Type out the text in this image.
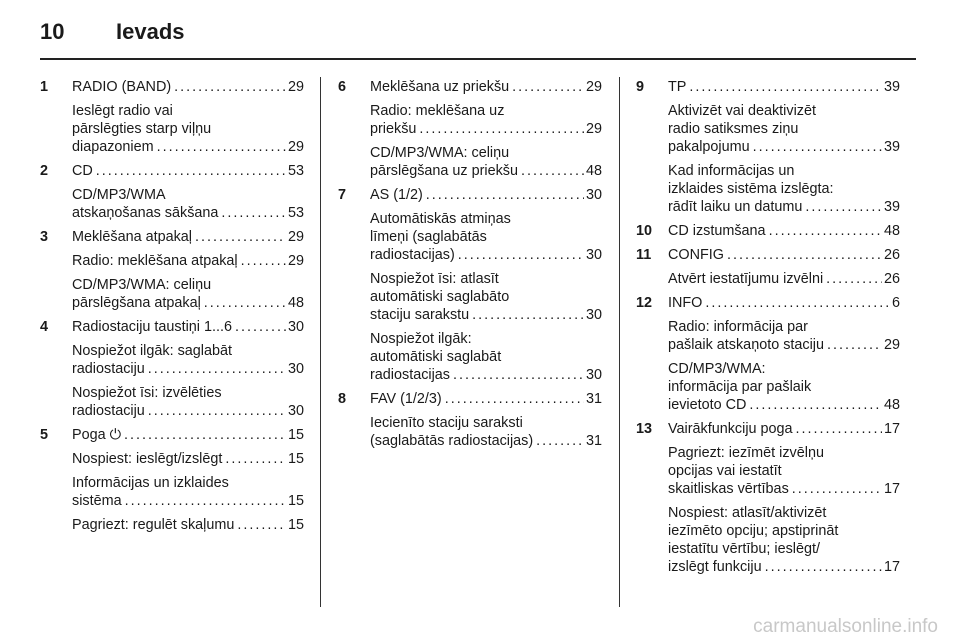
10 Ievads
1 RADIO (BAND)	29
. . .
Ieslēgt radio vai
pārslēgties starp viļņu
diapazoniem	29
. . .
2 CD	53
. . .
CD/MP3/WMA
atskaņošanas sākšana	53
. . .
3 Meklēšana atpakaļ	29
. . .
Radio: meklēšana atpakaļ	29
. . .
CD/MP3/WMA: celiņu
pārslēgšana atpakaļ	48
. . .
4 Radiostaciju taustiņi 1...6	30
. . .
Nospiežot ilgāk: saglabāt
radiostaciju	30
. . .
Nospiežot īsi: izvēlēties
radiostaciju	30
. . .
5 Poga ⏻	15
. . .
Nospiest: ieslēgt/izslēgt	15
. . .
Informācijas un izklaides
sistēma	15
. . .
Pagriezt: regulēt skaļumu	15
. . .
6 Meklēšana uz priekšu	29
. . .
Radio: meklēšana uz
priekšu	29
. . .
CD/MP3/WMA: celiņu
pārslēgšana uz priekšu	48
. . .
7 AS (1/2)	30
. . .
Automātiskās atmiņas
līmeņi (saglabātās
radiostacijas)	30
. . .
Nospiežot īsi: atlasīt
automātiski saglabāto
staciju sarakstu	30
. . .
Nospiežot ilgāk:
automātiski saglabāt
radiostacijas	30
. . .
8 FAV (1/2/3)	31
. . .
Iecienīto staciju saraksti
(saglabātās radiostacijas)	31
. . .
9 TP	39
. . .
Aktivizēt vai deaktivizēt
radio satiksmes ziņu
pakalpojumu	39
. . .
Kad informācijas un
izklaides sistēma izslēgta:
rādīt laiku un datumu	39
. . .
10 CD izstumšana	48
. . .
11 CONFIG	26
. . .
Atvērt iestatījumu izvēlni	26
. . .
12 INFO	6
. . .
Radio: informācija par
pašlaik atskaņoto staciju	29
. . .
CD/MP3/WMA:
informācija par pašlaik
ievietoto CD	48
. . .
13 Vairākfunkciju poga	17
. . .
Pagriezt: iezīmēt izvēlņu
opcijas vai iestatīt
skaitliskas vērtības	17
. . .
Nospiest: atlasīt/aktivizēt
iezīmēto opciju; apstiprināt
iestatītu vērtību; ieslēgt/
izslēgt funkciju	17
. . .
carmanualsonline.info
